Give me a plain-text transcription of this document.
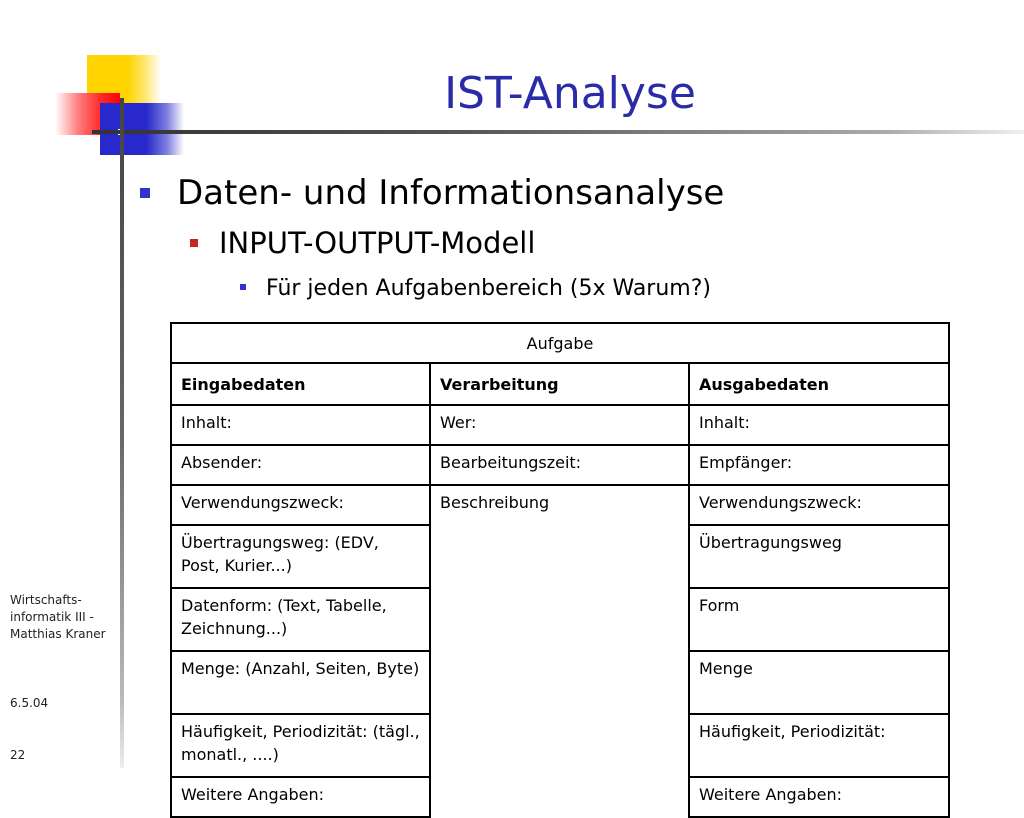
IST-Analyse
Daten- und Informationsanalyse
INPUT-OUTPUT-Modell
Für jeden Aufgabenbereich (5x Warum?)
Aufgabe		
Eingabedaten	Verarbeitung	Ausgabedaten
Inhalt:	Wer:	Inhalt:
Absender:	Bearbeitungszeit:	Empfänger:
Verwendungszweck:	Beschreibung	Verwendungszweck:
Übertragungsweg: (EDV, Post, Kurier...)		Übertragungsweg
Datenform: (Text, Tabelle, Zeichnung...)		Form
Menge: (Anzahl, Seiten, Byte)		Menge
Häufigkeit, Periodizität: (tägl., monatl., ....)		Häufigkeit, Periodizität:
Weitere Angaben:		Weitere Angaben:
Wirtschafts-informatik III - Matthias Kraner
6.5.04
22
